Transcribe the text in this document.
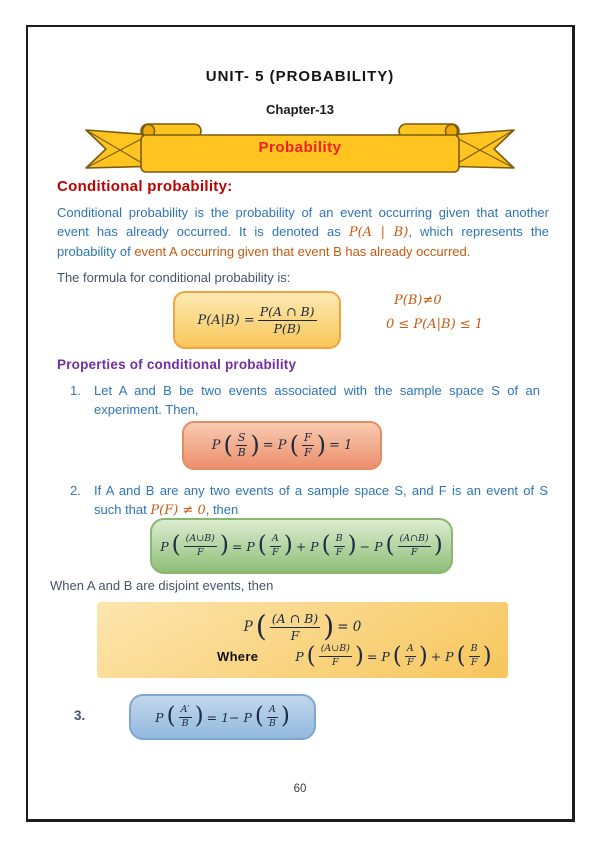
UNIT- 5 (PROBABILITY)
Chapter-13
Probability
Conditional probability:
Conditional probability is the probability of an event occurring given that another event has already occurred. It is denoted as P(A | B), which represents the probability of event A occurring given that event B has already occurred.
The formula for conditional probability is:
$P(A|B) = \frac{P(A \cap B)}{P(B)}$
P(B)≠0
0 ≤ P(A|B) ≤ 1
Properties of conditional probability
1.	Let A and B be two events associated with the sample space S of an experiment. Then,
P ( $\frac{S}{B}$ ) = P ( $\frac{F}{F}$ ) = 1
2.	If A and B are any two events of a sample space S, and F is an event of S such that P(F) ≠ 0, then
P ( $\frac{(A\cup B)}{F}$ ) = P ( $\frac{A}{F}$ ) + P ( $\frac{B}{F}$ ) − P ( $\frac{(A\cap B)}{F}$ )
When A and B are disjoint events, then
P ( $\frac{(A \cap B)}{F}$ ) = 0
Where	P ( $\frac{(A\cup B)}{F}$ ) = P ( $\frac{A}{F}$ ) + P ( $\frac{B}{F}$ )
3.	P ( $\frac{A'}{B}$ ) = 1− P ( $\frac{A}{B}$ )
60
